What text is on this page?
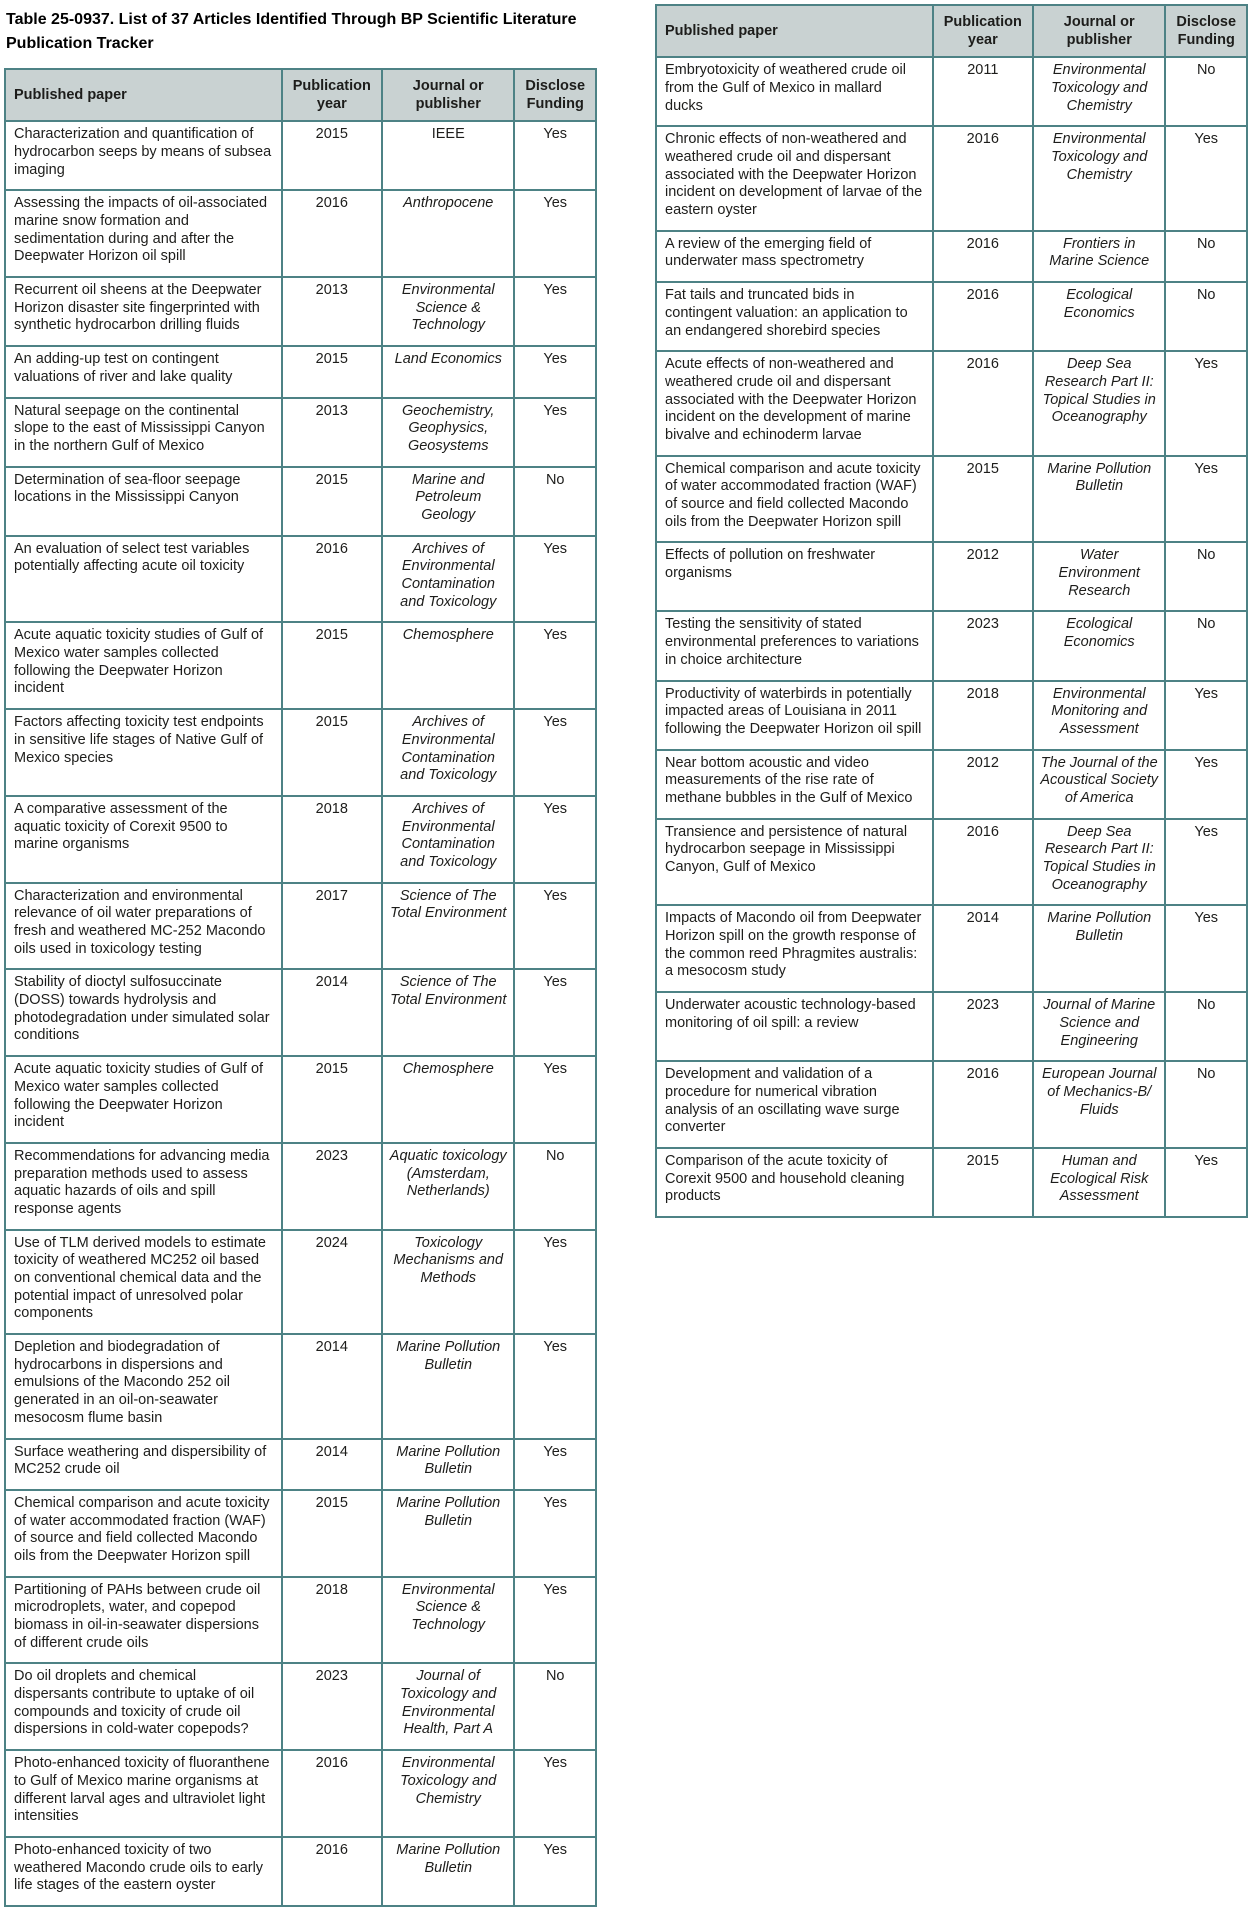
Table 25-0937. List of 37 Articles Identified Through BP Scientific Literature Publication Tracker
Published paper	Publication year	Journal or publisher	Disclose Funding
Characterization and quantification of hydrocarbon seeps by means of subsea imaging	2015	IEEE	Yes
Assessing the impacts of oil-associated marine snow formation and sedimentation during and after the Deepwater Horizon oil spill	2016	Anthropocene	Yes
Recurrent oil sheens at the Deepwater Horizon disaster site fingerprinted with synthetic hydrocarbon drilling fluids	2013	Environmental Science & Technology	Yes
An adding-up test on contingent valuations of river and lake quality	2015	Land Economics	Yes
Natural seepage on the continental slope to the east of Mississippi Canyon in the northern Gulf of Mexico	2013	Geochemistry, Geophysics, Geosystems	Yes
Determination of sea-floor seepage locations in the Mississippi Canyon	2015	Marine and Petroleum Geology	No
An evaluation of select test variables potentially affecting acute oil toxicity	2016	Archives of Environmental Contamination and Toxicology	Yes
Acute aquatic toxicity studies of Gulf of Mexico water samples collected following the Deepwater Horizon incident	2015	Chemosphere	Yes
Factors affecting toxicity test endpoints in sensitive life stages of Native Gulf of Mexico species	2015	Archives of Environmental Contamination and Toxicology	Yes
A comparative assessment of the aquatic toxicity of Corexit 9500 to marine organisms	2018	Archives of Environmental Contamination and Toxicology	Yes
Characterization and environmental relevance of oil water preparations of fresh and weathered MC-252 Macondo oils used in toxicology testing	2017	Science of The Total Environment	Yes
Stability of dioctyl sulfosuccinate (DOSS) towards hydrolysis and photodegradation under simulated solar conditions	2014	Science of The Total Environment	Yes
Acute aquatic toxicity studies of Gulf of Mexico water samples collected following the Deepwater Horizon incident	2015	Chemosphere	Yes
Recommendations for advancing media preparation methods used to assess aquatic hazards of oils and spill response agents	2023	Aquatic toxicology (Amsterdam, Netherlands)	No
Use of TLM derived models to estimate toxicity of weathered MC252 oil based on conventional chemical data and the potential impact of unresolved polar components	2024	Toxicology Mechanisms and Methods	Yes
Depletion and biodegradation of hydrocarbons in dispersions and emulsions of the Macondo 252 oil generated in an oil-on-seawater mesocosm flume basin	2014	Marine Pollution Bulletin	Yes
Surface weathering and dispersibility of MC252 crude oil	2014	Marine Pollution Bulletin	Yes
Chemical comparison and acute toxicity of water accommodated fraction (WAF) of source and field collected Macondo oils from the Deepwater Horizon spill	2015	Marine Pollution Bulletin	Yes
Partitioning of PAHs between crude oil microdroplets, water, and copepod biomass in oil-in-seawater dispersions of different crude oils	2018	Environmental Science & Technology	Yes
Do oil droplets and chemical dispersants contribute to uptake of oil compounds and toxicity of crude oil dispersions in cold-water copepods?	2023	Journal of Toxicology and Environmental Health, Part A	No
Photo-enhanced toxicity of fluoranthene to Gulf of Mexico marine organisms at different larval ages and ultraviolet light intensities	2016	Environmental Toxicology and Chemistry	Yes
Photo-enhanced toxicity of two weathered Macondo crude oils to early life stages of the eastern oyster	2016	Marine Pollution Bulletin	Yes
Published paper	Publication year	Journal or publisher	Disclose Funding
Embryotoxicity of weathered crude oil from the Gulf of Mexico in mallard ducks	2011	Environmental Toxicology and Chemistry	No
Chronic effects of non-weathered and weathered crude oil and dispersant associated with the Deepwater Horizon incident on development of larvae of the eastern oyster	2016	Environmental Toxicology and Chemistry	Yes
A review of the emerging field of underwater mass spectrometry	2016	Frontiers in Marine Science	No
Fat tails and truncated bids in contingent valuation: an application to an endangered shorebird species	2016	Ecological Economics	No
Acute effects of non-weathered and weathered crude oil and dispersant associated with the Deepwater Horizon incident on the development of marine bivalve and echinoderm larvae	2016	Deep Sea Research Part II: Topical Studies in Oceanography	Yes
Chemical comparison and acute toxicity of water accommodated fraction (WAF) of source and field collected Macondo oils from the Deepwater Horizon spill	2015	Marine Pollution Bulletin	Yes
Effects of pollution on freshwater organisms	2012	Water Environment Research	No
Testing the sensitivity of stated environmental preferences to variations in choice architecture	2023	Ecological Economics	No
Productivity of waterbirds in potentially impacted areas of Louisiana in 2011 following the Deepwater Horizon oil spill	2018	Environmental Monitoring and Assessment	Yes
Near bottom acoustic and video measurements of the rise rate of methane bubbles in the Gulf of Mexico	2012	The Journal of the Acoustical Society of America	Yes
Transience and persistence of natural hydrocarbon seepage in Mississippi Canyon, Gulf of Mexico	2016	Deep Sea Research Part II: Topical Studies in Oceanography	Yes
Impacts of Macondo oil from Deepwater Horizon spill on the growth response of the common reed Phragmites australis: a mesocosm study	2014	Marine Pollution Bulletin	Yes
Underwater acoustic technology-based monitoring of oil spill: a review	2023	Journal of Marine Science and Engineering	No
Development and validation of a procedure for numerical vibration analysis of an oscillating wave surge converter	2016	European Journal of Mechanics-B/ Fluids	No
Comparison of the acute toxicity of Corexit 9500 and household cleaning products	2015	Human and Ecological Risk Assessment	Yes
